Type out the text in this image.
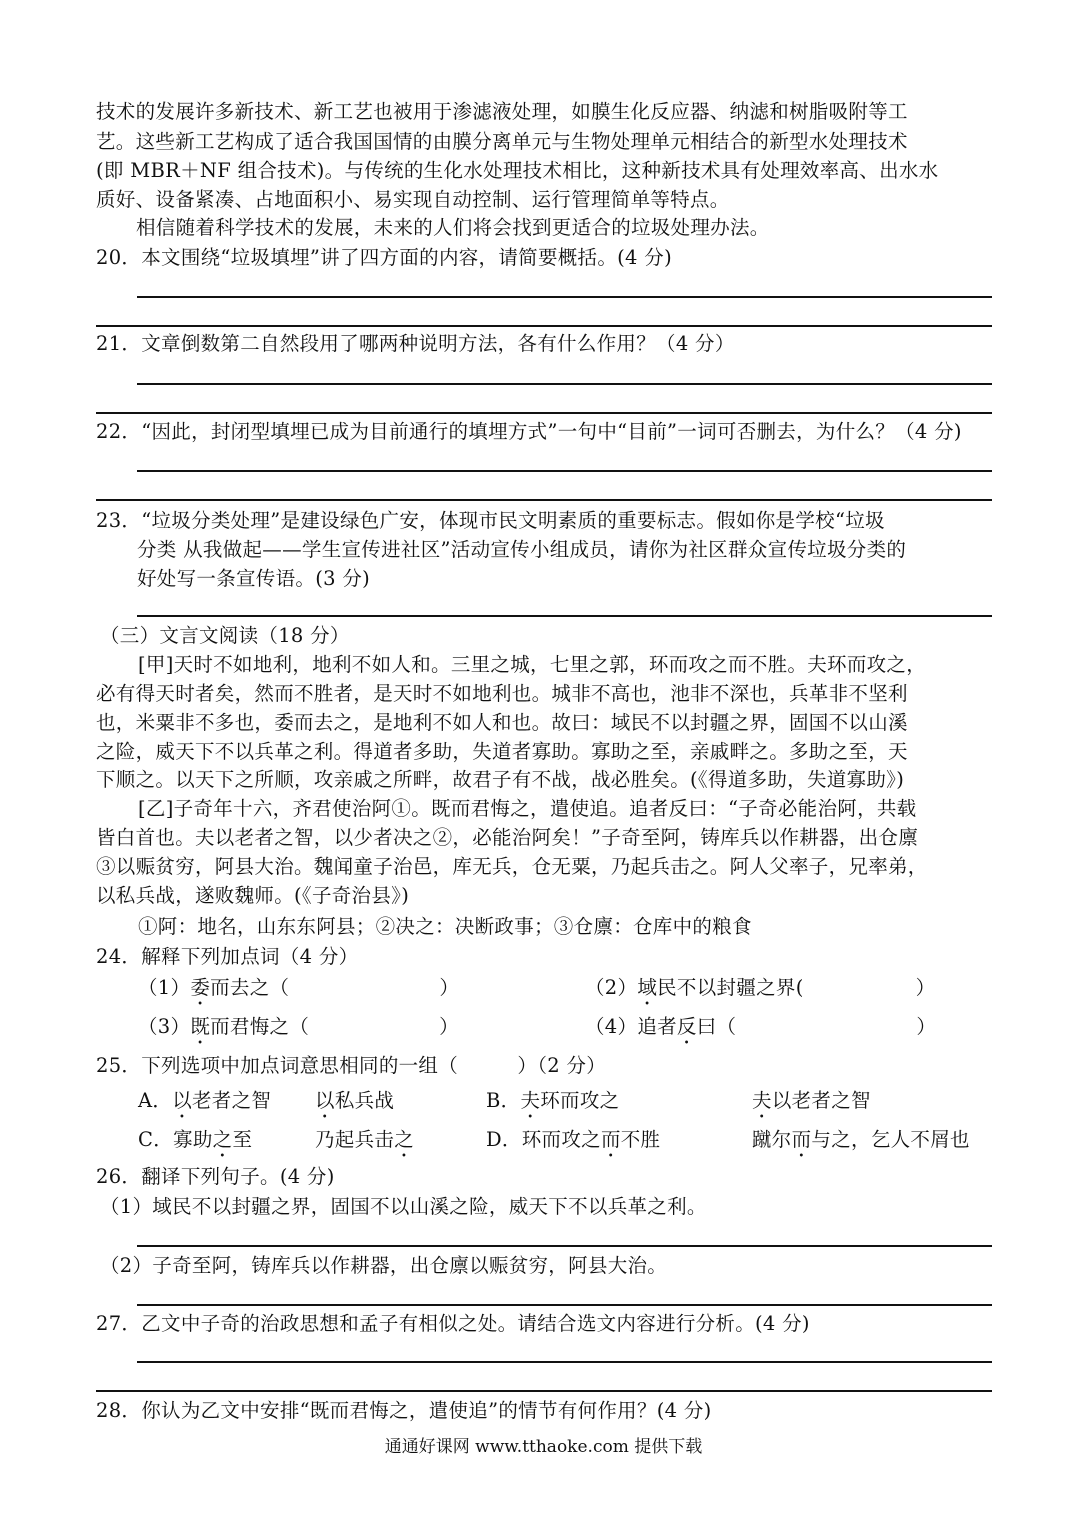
技术的发展许多新技术、新工艺也被用于渗滤液处理，如膜生化反应器、纳滤和树脂吸附等工
艺。这些新工艺构成了适合我国国情的由膜分离单元与生物处理单元相结合的新型水处理技术
(即 MBR＋NF 组合技术)。与传统的生化水处理技术相比，这种新技术具有处理效率高、出水水
质好、设备紧凑、占地面积小、易实现自动控制、运行管理简单等特点。
相信随着科学技术的发展，未来的人们将会找到更适合的垃圾处理办法。
20．本文围绕“垃圾填埋”讲了四方面的内容，请简要概括。(4 分)
21．文章倒数第二自然段用了哪两种说明方法，各有什么作用？（4 分）
22．“因此，封闭型填埋已成为目前通行的填埋方式”一句中“目前”一词可否删去，为什么？（4 分)
23．“垃圾分类处理”是建设绿色广安，体现市民文明素质的重要标志。假如你是学校“垃圾
分类 从我做起——学生宣传进社区”活动宣传小组成员，请你为社区群众宣传垃圾分类的
好处写一条宣传语。(3 分)
（三）文言文阅读（18 分）
[甲]天时不如地利，地利不如人和。三里之城，七里之郭，环而攻之而不胜。夫环而攻之，
必有得天时者矣，然而不胜者，是天时不如地利也。城非不高也，池非不深也，兵革非不坚利
也，米粟非不多也，委而去之，是地利不如人和也。故曰：域民不以封疆之界，固国不以山溪
之险，威天下不以兵革之利。得道者多助，失道者寡助。寡助之至，亲戚畔之。多助之至，天
下顺之。以天下之所顺，攻亲戚之所畔，故君子有不战，战必胜矣。(《得道多助，失道寡助》)
[乙]子奇年十六，齐君使治阿①。既而君悔之，遣使追。追者反曰：“子奇必能治阿，共载
皆白首也。夫以老者之智，以少者决之②，必能治阿矣！”子奇至阿，铸库兵以作耕器，出仓廪
③以赈贫穷，阿县大治。魏闻童子治邑，库无兵，仓无粟，乃起兵击之。阿人父率子，兄率弟，
以私兵战，遂败魏师。(《子奇治县》)
①阿：地名，山东东阿县；②决之：决断政事；③仓廪：仓库中的粮食
24．解释下列加点词（4 分）
（1）委而去之（	）	（2）域民不以封疆之界(	）
（3）既而君悔之（	）	（4）追者反曰（	）
25．下列选项中加点词意思相同的一组（　　　）（2 分）
A．以老者之智 以私兵战	B．夫环而攻之	夫以老者之智
C．寡助之至	乃起兵击之	D．环而攻之而不胜	蹴尔而与之，乞人不屑也
26．翻译下列句子。(4 分)
（1）域民不以封疆之界，固国不以山溪之险，威天下不以兵革之利。
（2）子奇至阿，铸库兵以作耕器，出仓廪以赈贫穷，阿县大治。
27．乙文中子奇的治政思想和孟子有相似之处。请结合选文内容进行分析。(4 分)
28．你认为乙文中安排“既而君悔之，遣使追”的情节有何作用？(4 分)
通通好课网 www.tthaoke.com 提供下载
